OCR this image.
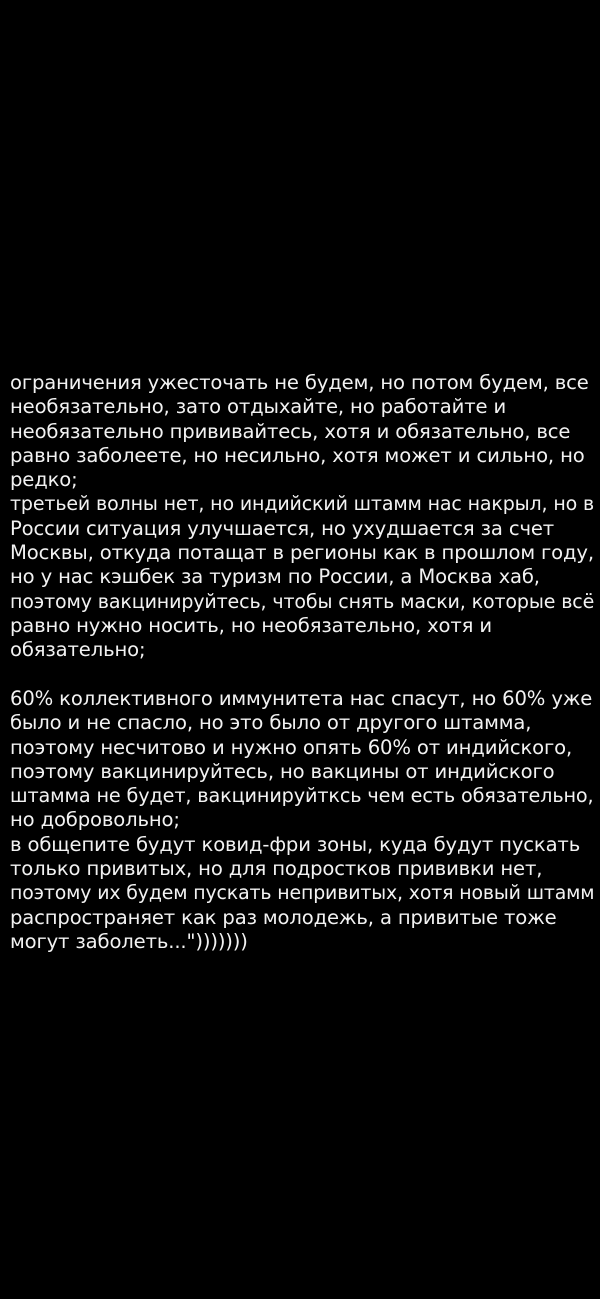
ограничения ужесточать не будем, но потом будем, все
необязательно, зато отдыхайте, но работайте и
необязательно прививайтесь, хотя и обязательно, все
равно заболеете, но несильно, хотя может и сильно, но
редко;
третьей волны нет, но индийский штамм нас накрыл, но в
России ситуация улучшается, но ухудшается за счет
Москвы, откуда потащат в регионы как в прошлом году,
но у нас кэшбек за туризм по России, а Москва хаб,
поэтому вакцинируйтесь, чтобы снять маски, которые всё
равно нужно носить, но необязательно, хотя и
обязательно;
60% коллективного иммунитета нас спасут, но 60% уже
было и не спасло, но это было от другого штамма,
поэтому несчитово и нужно опять 60% от индийского,
поэтому вакцинируйтесь, но вакцины от индийского
штамма не будет, вакцинируйткcь чем есть обязательно,
но добровольно;
в общепите будут ковид-фри зоны, куда будут пускать
только привитых, но для подростков прививки нет,
поэтому их будем пускать непривитых, хотя новый штамм
распространяет как раз молодежь, а привитые тоже
могут заболеть...")))))))
